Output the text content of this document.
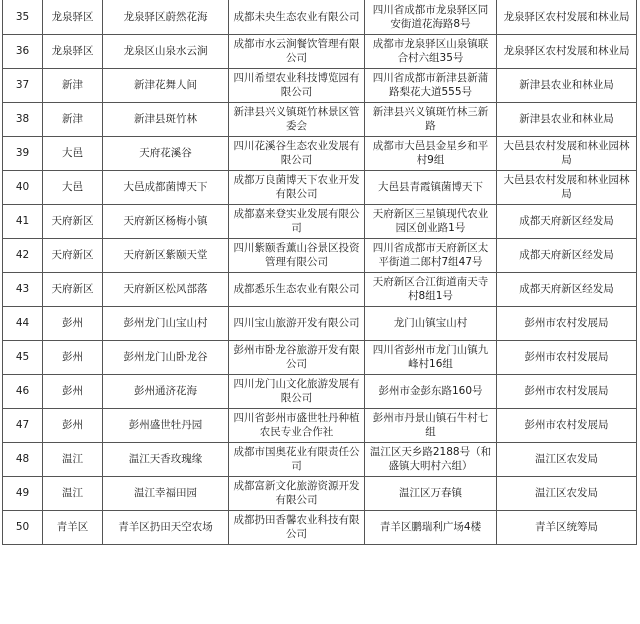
35	龙泉驿区	龙泉驿区蔚然花海	成都未央生态农业有限公司	四川省成都市龙泉驿区同安街道花海路8号	龙泉驿区农村发展和林业局
36	龙泉驿区	龙泉区山泉水云涧	成都市水云涧餐饮管理有限公司	成都市龙泉驿区山泉镇联合村六组35号	龙泉驿区农村发展和林业局
37	新津	新津花舞人间	四川希望农业科技博览园有限公司	四川省成都市新津县新蒲路梨花大道555号	新津县农业和林业局
38	新津	新津县斑竹林	新津县兴义镇斑竹林景区管委会	新津县兴义镇斑竹林三新路	新津县农业和林业局
39	大邑	天府花溪谷	四川花溪谷生态农业发展有限公司	成都市大邑县金星乡和平村9组	大邑县农村发展和林业园林局
40	大邑	大邑成都菌博天下	成都万良菌博天下农业开发有限公司	大邑县青霞镇菌博天下	大邑县农村发展和林业园林局
41	天府新区	天府新区杨梅小镇	成都嘉来登实业发展有限公司	天府新区三星镇现代农业园区创业路1号	成都天府新区经发局
42	天府新区	天府新区紫颐天堂	四川紫颐香薰山谷景区投资管理有限公司	四川省成都市天府新区太平街道二郎村7组47号	成都天府新区经发局
43	天府新区	天府新区松风部落	成都悉乐生态农业有限公司	天府新区合江街道南天寺村8组1号	成都天府新区经发局
44	彭州	彭州龙门山宝山村	四川宝山旅游开发有限公司	龙门山镇宝山村	彭州市农村发展局
45	彭州	彭州龙门山卧龙谷	彭州市卧龙谷旅游开发有限公司	四川省彭州市龙门山镇九峰村16组	彭州市农村发展局
46	彭州	彭州通济花海	四川龙门山文化旅游发展有限公司	彭州市金彭东路160号	彭州市农村发展局
47	彭州	彭州盛世牡丹园	四川省彭州市盛世牡丹种植农民专业合作社	彭州市丹景山镇石牛村七组	彭州市农村发展局
48	温江	温江天香玫瑰缘	成都市国奥花业有限责任公司	温江区天乡路2188号（和盛镇大明村六组）	温江区农发局
49	温江	温江幸福田园	成都富新文化旅游资源开发有限公司	温江区万春镇	温江区农发局
50	青羊区	青羊区扔田天空农场	成都扔田香馨农业科技有限公司	青羊区鹏瑞利广场4楼	青羊区统筹局
